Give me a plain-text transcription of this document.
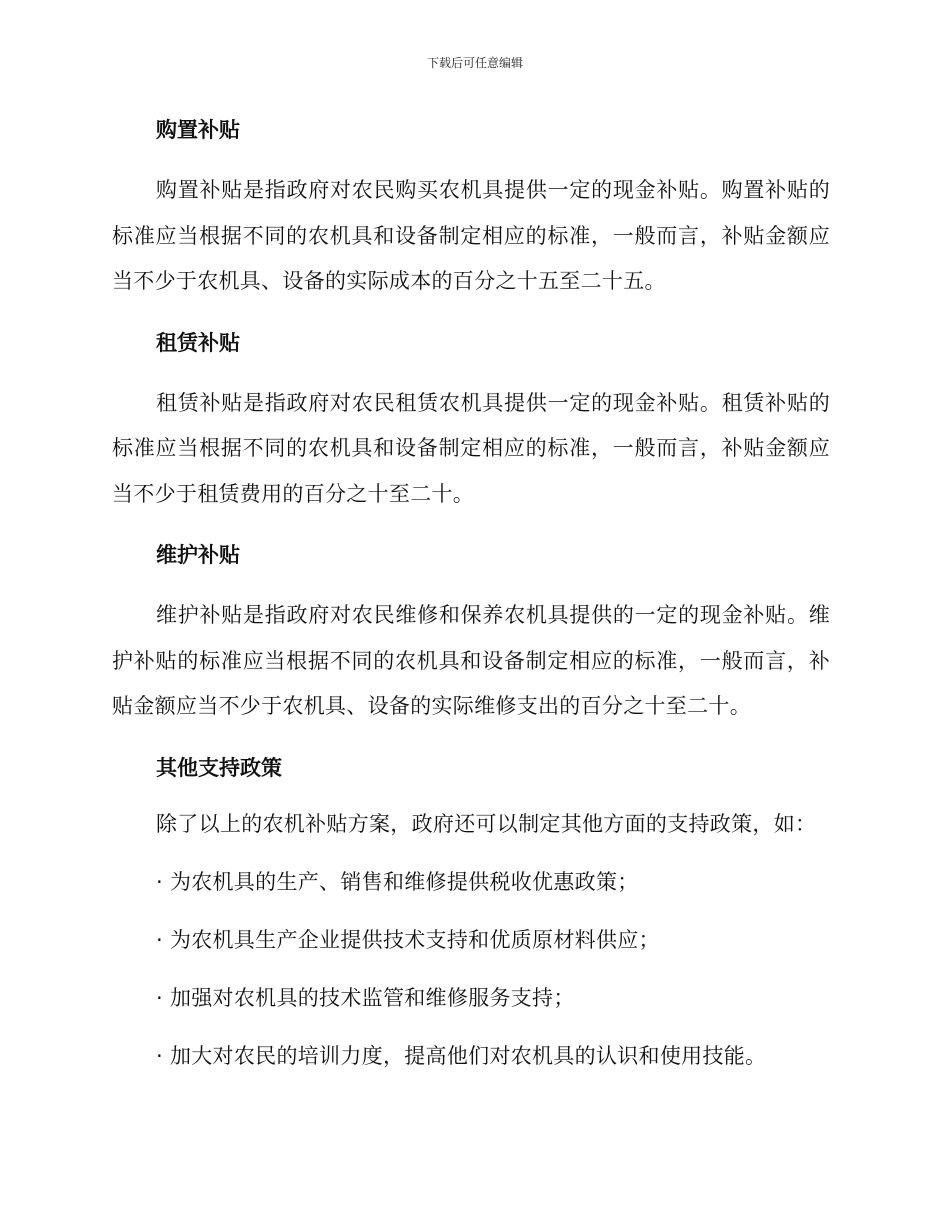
下载后可任意编辑
购置补贴

购置补贴是指政府对农民购买农机具提供一定的现金补贴。购置补贴的标准应当根据不同的农机具和设备制定相应的标准，一般而言，补贴金额应当不少于农机具、设备的实际成本的百分之十五至二十五。

租赁补贴

租赁补贴是指政府对农民租赁农机具提供一定的现金补贴。租赁补贴的标准应当根据不同的农机具和设备制定相应的标准，一般而言，补贴金额应当不少于租赁费用的百分之十至二十。

维护补贴

维护补贴是指政府对农民维修和保养农机具提供的一定的现金补贴。维护补贴的标准应当根据不同的农机具和设备制定相应的标准，一般而言，补贴金额应当不少于农机具、设备的实际维修支出的百分之十至二十。

其他支持政策

除了以上的农机补贴方案，政府还可以制定其他方面的支持政策，如：

· 为农机具的生产、销售和维修提供税收优惠政策；
· 为农机具生产企业提供技术支持和优质原材料供应；
· 加强对农机具的技术监管和维修服务支持；
· 加大对农民的培训力度，提高他们对农机具的认识和使用技能。
